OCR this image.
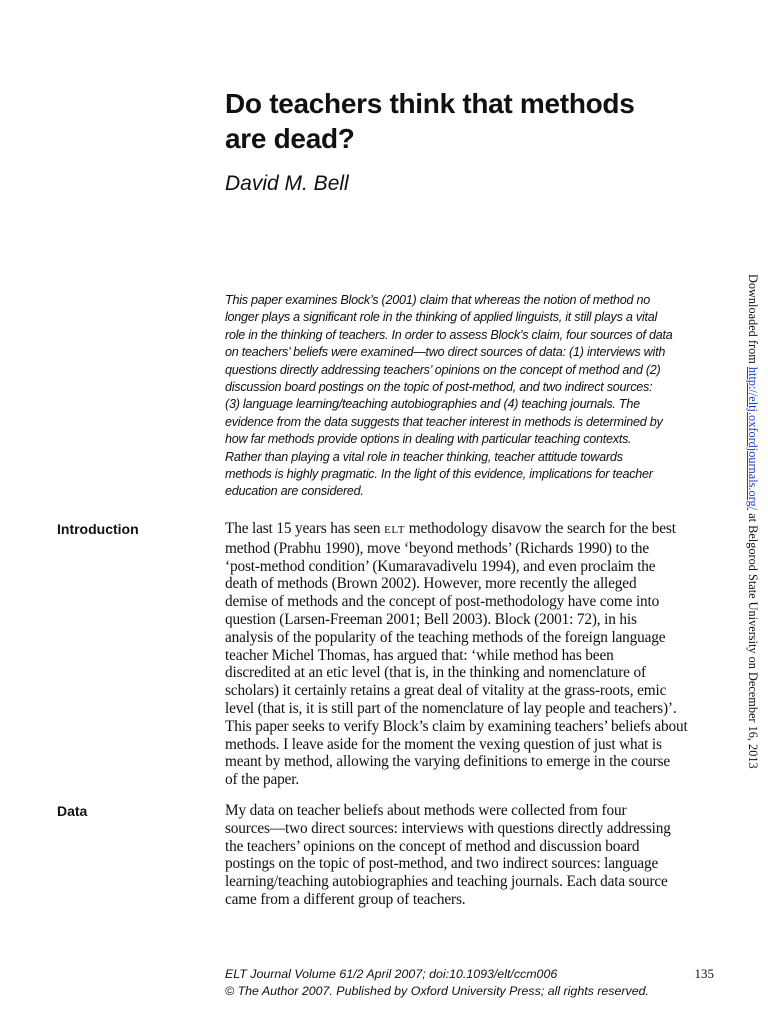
Do teachers think that methods
are dead?
David M. Bell
This paper examines Block’s (2001) claim that whereas the notion of method no
longer plays a significant role in the thinking of applied linguists, it still plays a vital
role in the thinking of teachers. In order to assess Block’s claim, four sources of data
on teachers’ beliefs were examined—two direct sources of data: (1) interviews with
questions directly addressing teachers’ opinions on the concept of method and (2)
discussion board postings on the topic of post-method, and two indirect sources:
(3) language learning/teaching autobiographies and (4) teaching journals. The
evidence from the data suggests that teacher interest in methods is determined by
how far methods provide options in dealing with particular teaching contexts.
Rather than playing a vital role in teacher thinking, teacher attitude towards
methods is highly pragmatic. In the light of this evidence, implications for teacher
education are considered.
Introduction	The last 15 years has seen ELT methodology disavow the search for the best
method (Prabhu 1990), move ‘beyond methods’ (Richards 1990) to the
‘post-method condition’ (Kumaravadivelu 1994), and even proclaim the
death of methods (Brown 2002). However, more recently the alleged
demise of methods and the concept of post-methodology have come into
question (Larsen-Freeman 2001; Bell 2003). Block (2001: 72), in his
analysis of the popularity of the teaching methods of the foreign language
teacher Michel Thomas, has argued that: ‘while method has been
discredited at an etic level (that is, in the thinking and nomenclature of
scholars) it certainly retains a great deal of vitality at the grass-roots, emic
level (that is, it is still part of the nomenclature of lay people and teachers)’.
This paper seeks to verify Block’s claim by examining teachers’ beliefs about
methods. I leave aside for the moment the vexing question of just what is
meant by method, allowing the varying definitions to emerge in the course
of the paper.
Data	My data on teacher beliefs about methods were collected from four
sources—two direct sources: interviews with questions directly addressing
the teachers’ opinions on the concept of method and discussion board
postings on the topic of post-method, and two indirect sources: language
learning/teaching autobiographies and teaching journals. Each data source
came from a different group of teachers.
ELT Journal Volume 61/2 April 2007; doi:10.1093/elt/ccm006
© The Author 2007. Published by Oxford University Press; all rights reserved.
135
Downloaded from http://eltj.oxfordjournals.org/ at Belgorod State University on December 16, 2013
